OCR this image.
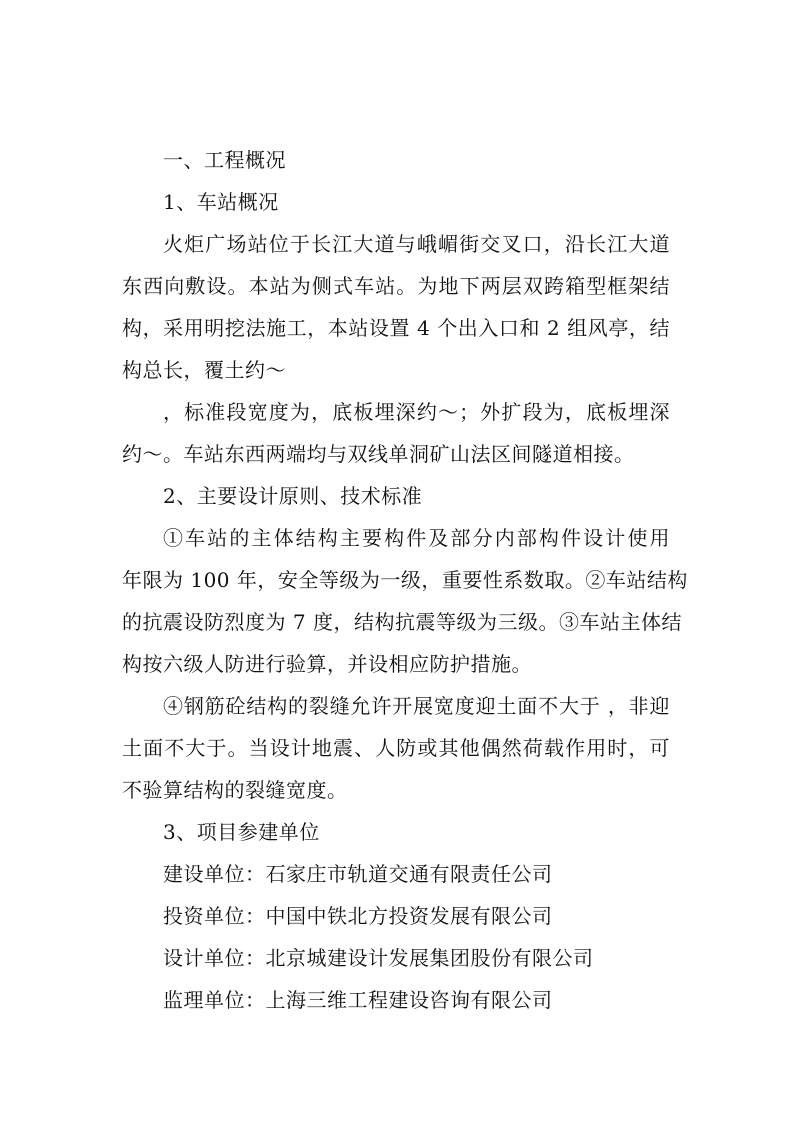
一、工程概况
1、车站概况
火炬广场站位于长江大道与峨嵋街交叉口，沿长江大道
东西向敷设。本站为侧式车站。为地下两层双跨箱型框架结
构，采用明挖法施工，本站设置 4 个出入口和 2 组风亭，结
构总长，覆土约～
，标准段宽度为，底板埋深约～；外扩段为，底板埋深
约～。车站东西两端均与双线单洞矿山法区间隧道相接。
2、主要设计原则、技术标准
①车站的主体结构主要构件及部分内部构件设计使用
年限为 100 年，安全等级为一级，重要性系数取。②车站结构
的抗震设防烈度为 7 度，结构抗震等级为三级。③车站主体结
构按六级人防进行验算，并设相应防护措施。
④钢筋砼结构的裂缝允许开展宽度迎土面不大于 ，非迎
土面不大于。当设计地震、人防或其他偶然荷载作用时，可
不验算结构的裂缝宽度。
3、项目参建单位
建设单位：石家庄市轨道交通有限责任公司
投资单位：中国中铁北方投资发展有限公司
设计单位：北京城建设计发展集团股份有限公司
监理单位：上海三维工程建设咨询有限公司
